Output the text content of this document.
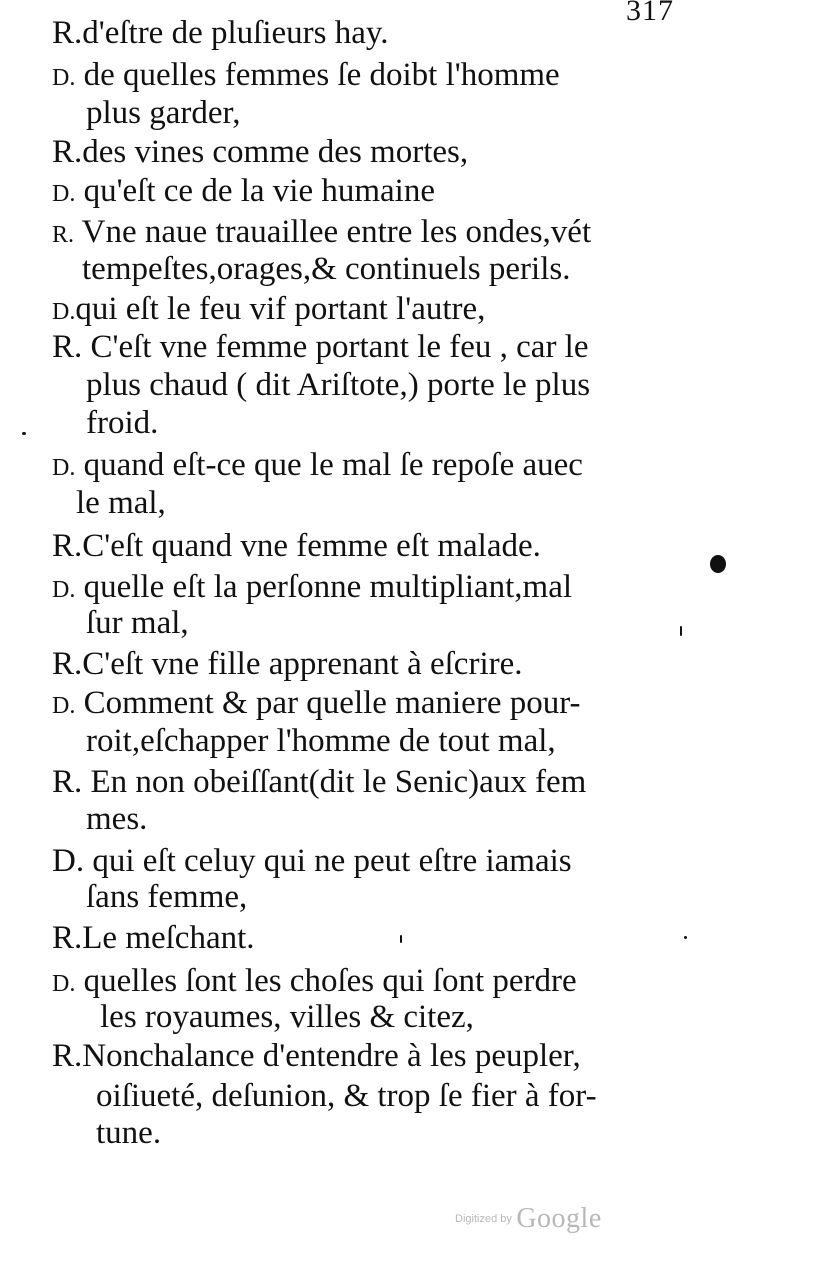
317
R.d'eſtre de pluſieurs hay.
D. de quelles femmes ſe doibt l'homme
plus garder,
R.des vines comme des mortes,
D. qu'eſt ce de la vie humaine
R. Vne naue trauaillee entre les ondes,vét
tempeſtes,orages,& continuels perils.
D.qui eſt le feu vif portant l'autre,
R. C'eſt vne femme portant le feu , car le
plus chaud ( dit Ariſtote,) porte le plus
froid.
D. quand eſt-ce que le mal ſe repoſe auec
le mal,
R.C'eſt quand vne femme eſt malade.
D. quelle eſt la perſonne multipliant,mal
ſur mal,
R.C'eſt vne fille apprenant à eſcrire.
D. Comment & par quelle maniere pour-
roit,eſchapper l'homme de tout mal,
R. En non obeiſſant(dit le Senic)aux fem
mes.
D. qui eſt celuy qui ne peut eſtre iamais
ſans femme,
R.Le meſchant.
D. quelles ſont les choſes qui ſont perdre
les royaumes, villes & citez,
R.Nonchalance d'entendre à les peupler,
oiſiueté, deſunion, & trop ſe fier à for-
tune.
Digitized by Google
